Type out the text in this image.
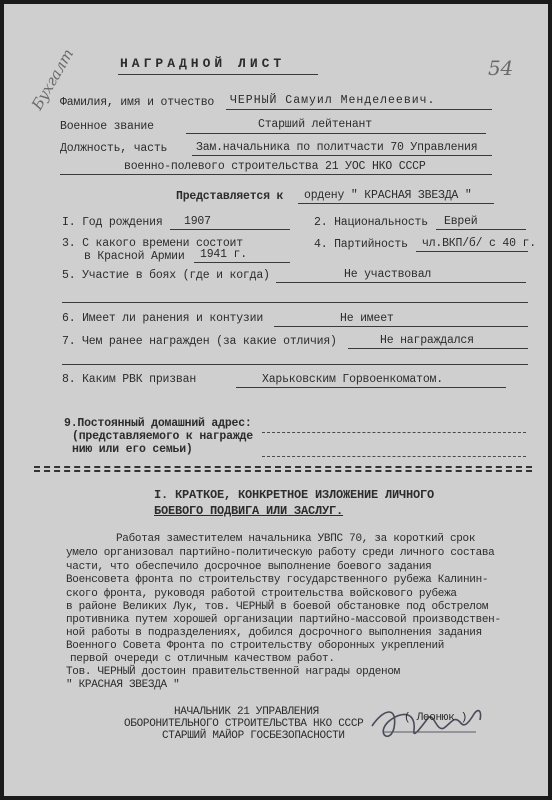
Бухгалт	54
НАГРАДНОЙ ЛИСТ
Фамилия, имя и отчество ЧЕРНЫЙ Самуил Менделеевич.
Военное звание	Старший лейтенант
Должность, часть	Зам.начальника по политчасти 70 Управления
военно-полевого строительства 21 УОС НКО СССР
Представляется к ордену " КРАСНАЯ ЗВЕЗДА "
I. Год рождения 1907	2. Национальность Еврей
3. С какого времени состоит
в Красной Армии 1941 г.
4. Партийность чл.ВКП/б/ с 40 г.
5. Участие в боях (где и когда)	Не участвовал
6. Имеет ли ранения и контузии	Не имеет
7. Чем ранее награжден (за какие отличия)	Не награждался
8. Каким РВК призван	Харьковским Горвоенкоматом.
9.Постоянный домашний адрес:
(представляемого к награжде
нию или его семьи)
I. КРАТКОЕ, КОНКРЕТНОЕ ИЗЛОЖЕНИЕ ЛИЧНОГО
БОЕВОГО ПОДВИГА ИЛИ ЗАСЛУГ.
Работая заместителем начальника УВПС 70, за короткий срок
умело организовал партийно-политическую работу среди личного состава
части, что обеспечило досрочное выполнение боевого задания
Военсовета фронта по строительству государственного рубежа Калинин-
ского фронта, руководя работой строительства войскового рубежа
в районе Великих Лук, тов. ЧЕРНЫЙ в боевой обстановке под обстрелом
противника путем хорошей организации партийно-массовой производствен-
ной работы в подразделениях, добился досрочного выполнения задания
Военного Совета Фронта по строительству оборонных укреплений
первой очереди с отличным качеством работ.
Тов. ЧЕРНЫЙ достоин правительственной награды орденом
" КРАСНАЯ ЗВЕЗДА "
НАЧАЛЬНИК 21 УПРАВЛЕНИЯ
ОБОРОНИТЕЛЬНОГО СТРОИТЕЛЬСТВА НКО СССР
СТАРШИЙ МАЙОР ГОСБЕЗОПАСНОСТИ
( Леонюк )
